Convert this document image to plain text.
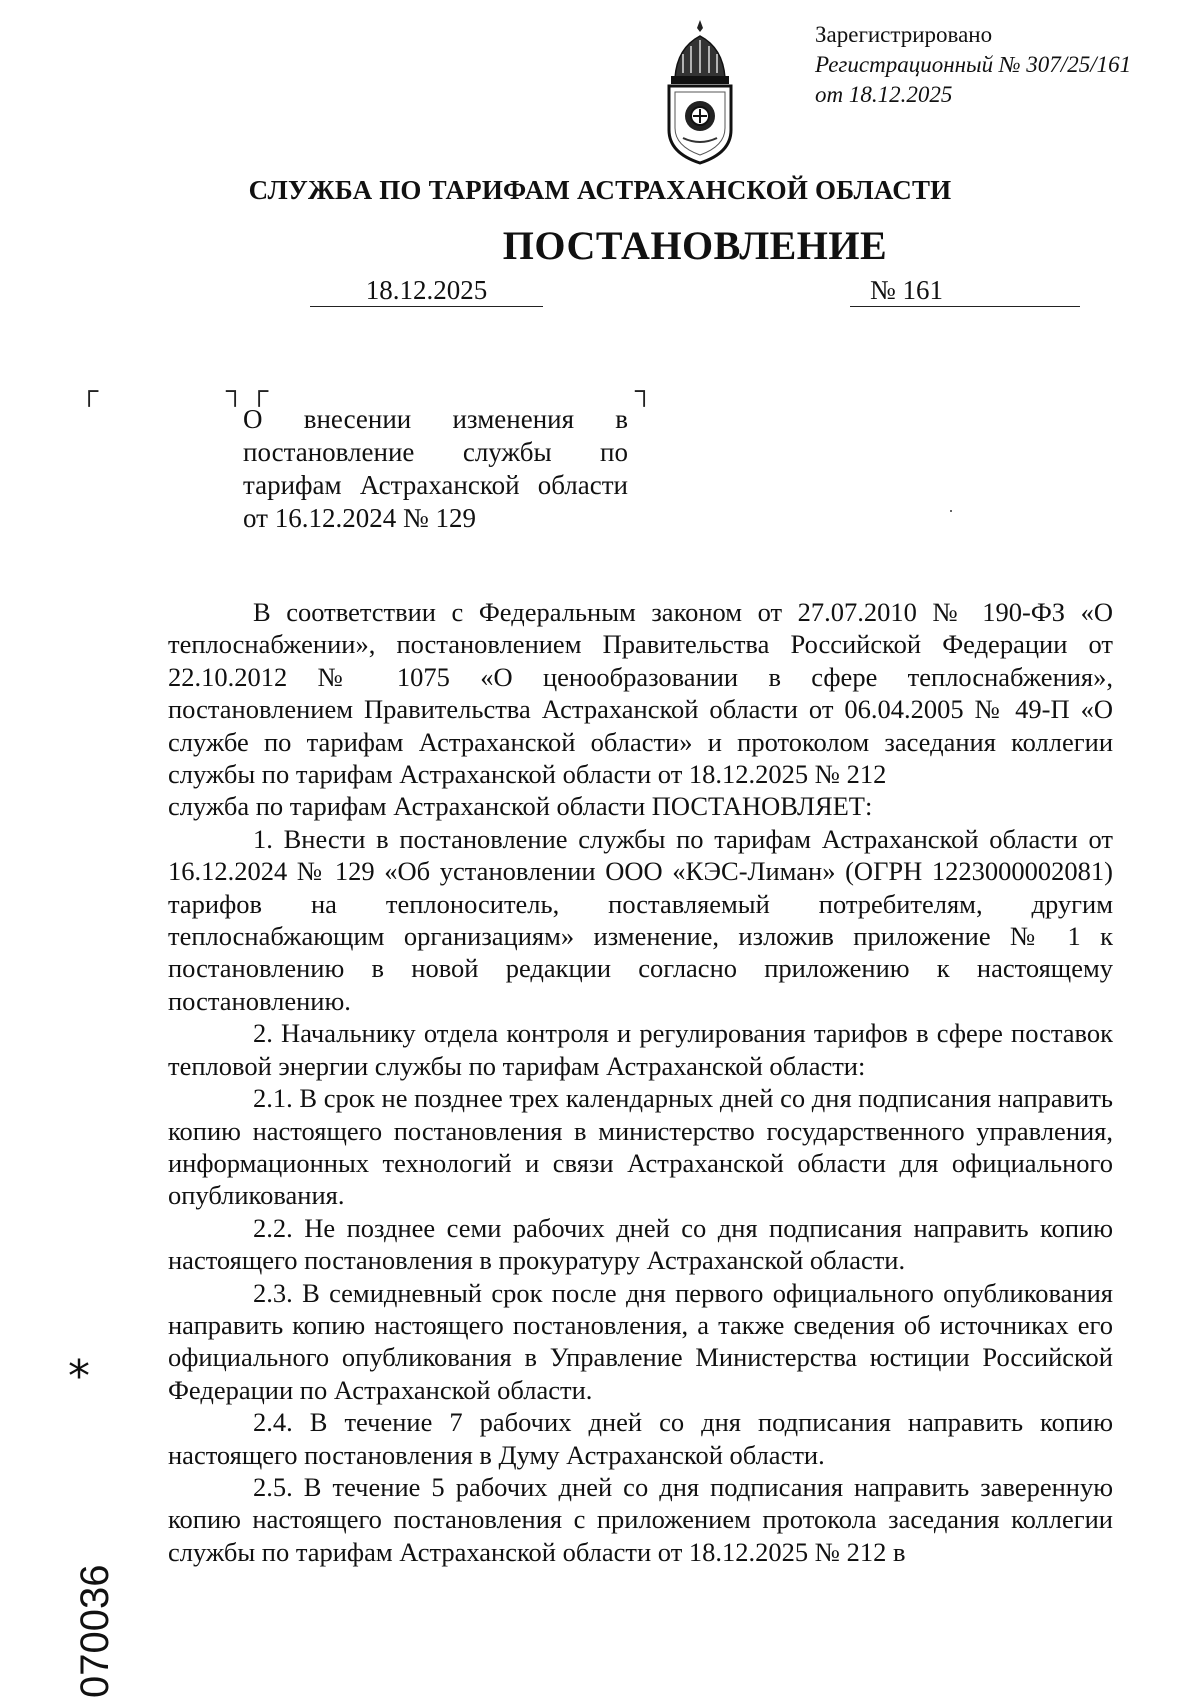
Зарегистрировано
Регистрационный № 307/25/161
от 18.12.2025
СЛУЖБА ПО ТАРИФАМ АСТРАХАНСКОЙ ОБЛАСТИ
ПОСТАНОВЛЕНИЕ
18.12.2025	№ 161
┌	┐ ┌	┐
О внесении изменения в постановление службы по тарифам Астраханской области от 16.12.2024 № 129

В соответствии с Федеральным законом от 27.07.2010 № 190-ФЗ «О теплоснабжении», постановлением Правительства Российской Федерации от 22.10.2012 № 1075 «О ценообразовании в сфере теплоснабжения», постановлением Правительства Астраханской области от 06.04.2005 № 49-П «О службе по тарифам Астраханской области» и протоколом заседания коллегии службы по тарифам Астраханской области от 18.12.2025 № 212

служба по тарифам Астраханской области ПОСТАНОВЛЯЕТ:

1. Внести в постановление службы по тарифам Астраханской области от 16.12.2024 № 129 «Об установлении ООО «КЭС-Лиман» (ОГРН 1223000002081) тарифов на теплоноситель, поставляемый потребителям, другим теплоснабжающим организациям» изменение, изложив приложение № 1 к постановлению в новой редакции согласно приложению к настоящему постановлению.

2. Начальнику отдела контроля и регулирования тарифов в сфере поставок тепловой энергии службы по тарифам Астраханской области:

2.1. В срок не позднее трех календарных дней со дня подписания направить копию настоящего постановления в министерство государственного управления, информационных технологий и связи Астраханской области для официального опубликования.

2.2. Не позднее семи рабочих дней со дня подписания направить копию настоящего постановления в прокуратуру Астраханской области.

2.3. В семидневный срок после дня первого официального опубликования направить копию настоящего постановления, а также сведения об источниках его официального опубликования в Управление Министерства юстиции Российской Федерации по Астраханской области.

2.4. В течение 7 рабочих дней со дня подписания направить копию настоящего постановления в Думу Астраханской области.

2.5. В течение 5 рабочих дней со дня подписания направить заверенную копию настоящего постановления с приложением протокола заседания коллегии службы по тарифам Астраханской области от 18.12.2025 № 212 в

*
070036
